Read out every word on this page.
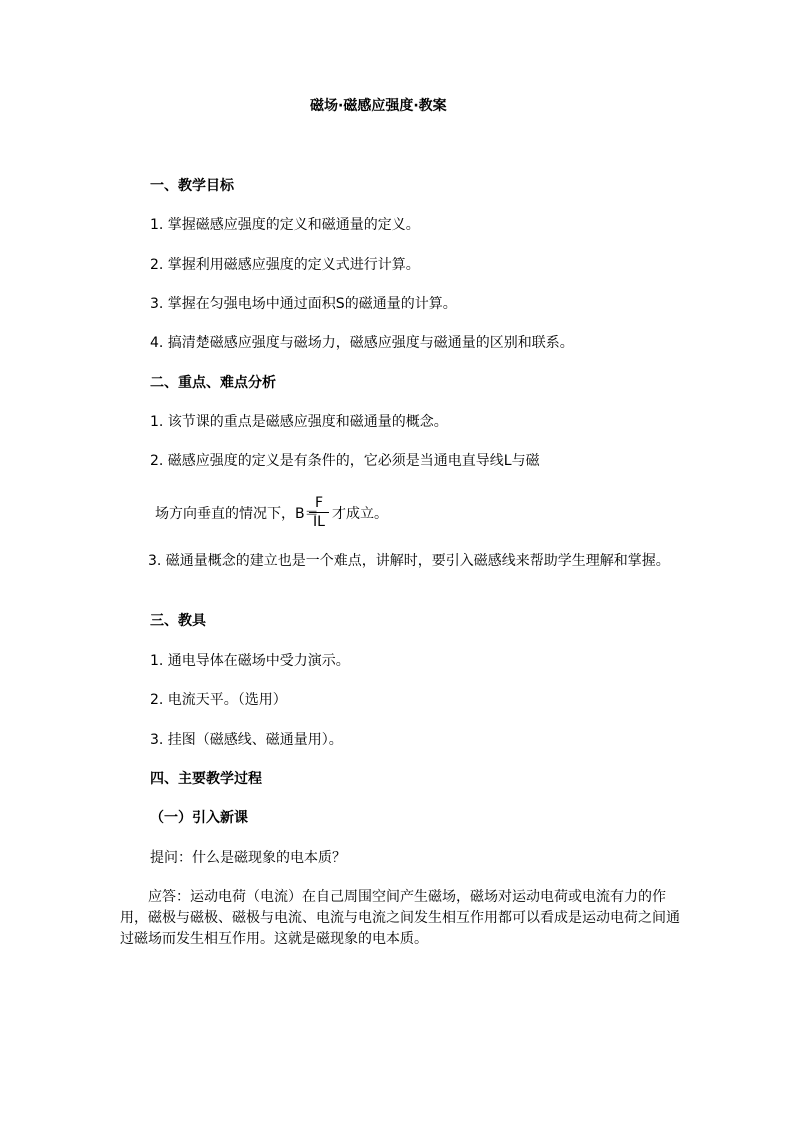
磁场·磁感应强度·教案
一、教学目标
1. 掌握磁感应强度的定义和磁通量的定义。
2. 掌握利用磁感应强度的定义式进行计算。
3. 掌握在匀强电场中通过面积S的磁通量的计算。
4. 搞清楚磁感应强度与磁场力，磁感应强度与磁通量的区别和联系。
二、重点、难点分析
1. 该节课的重点是磁感应强度和磁通量的概念。
2. 磁感应强度的定义是有条件的，它必须是当通电直导线L与磁
场方向垂直的情况下，B＝
F
IL 才成立。
3. 磁通量概念的建立也是一个难点，讲解时，要引入磁感线来帮助学生理解和掌握。
三、教具
1. 通电导体在磁场中受力演示。
2. 电流天平。（选用）
3. 挂图（磁感线、磁通量用）。
四、主要教学过程
（一）引入新课
提问：什么是磁现象的电本质？
应答：运动电荷（电流）在自己周围空间产生磁场，磁场对运动电荷或电流有力的作用，磁极与磁极、磁极与电流、电流与电流之间发生相互作用都可以看成是运动电荷之间通过磁场而发生相互作用。这就是磁现象的电本质。
